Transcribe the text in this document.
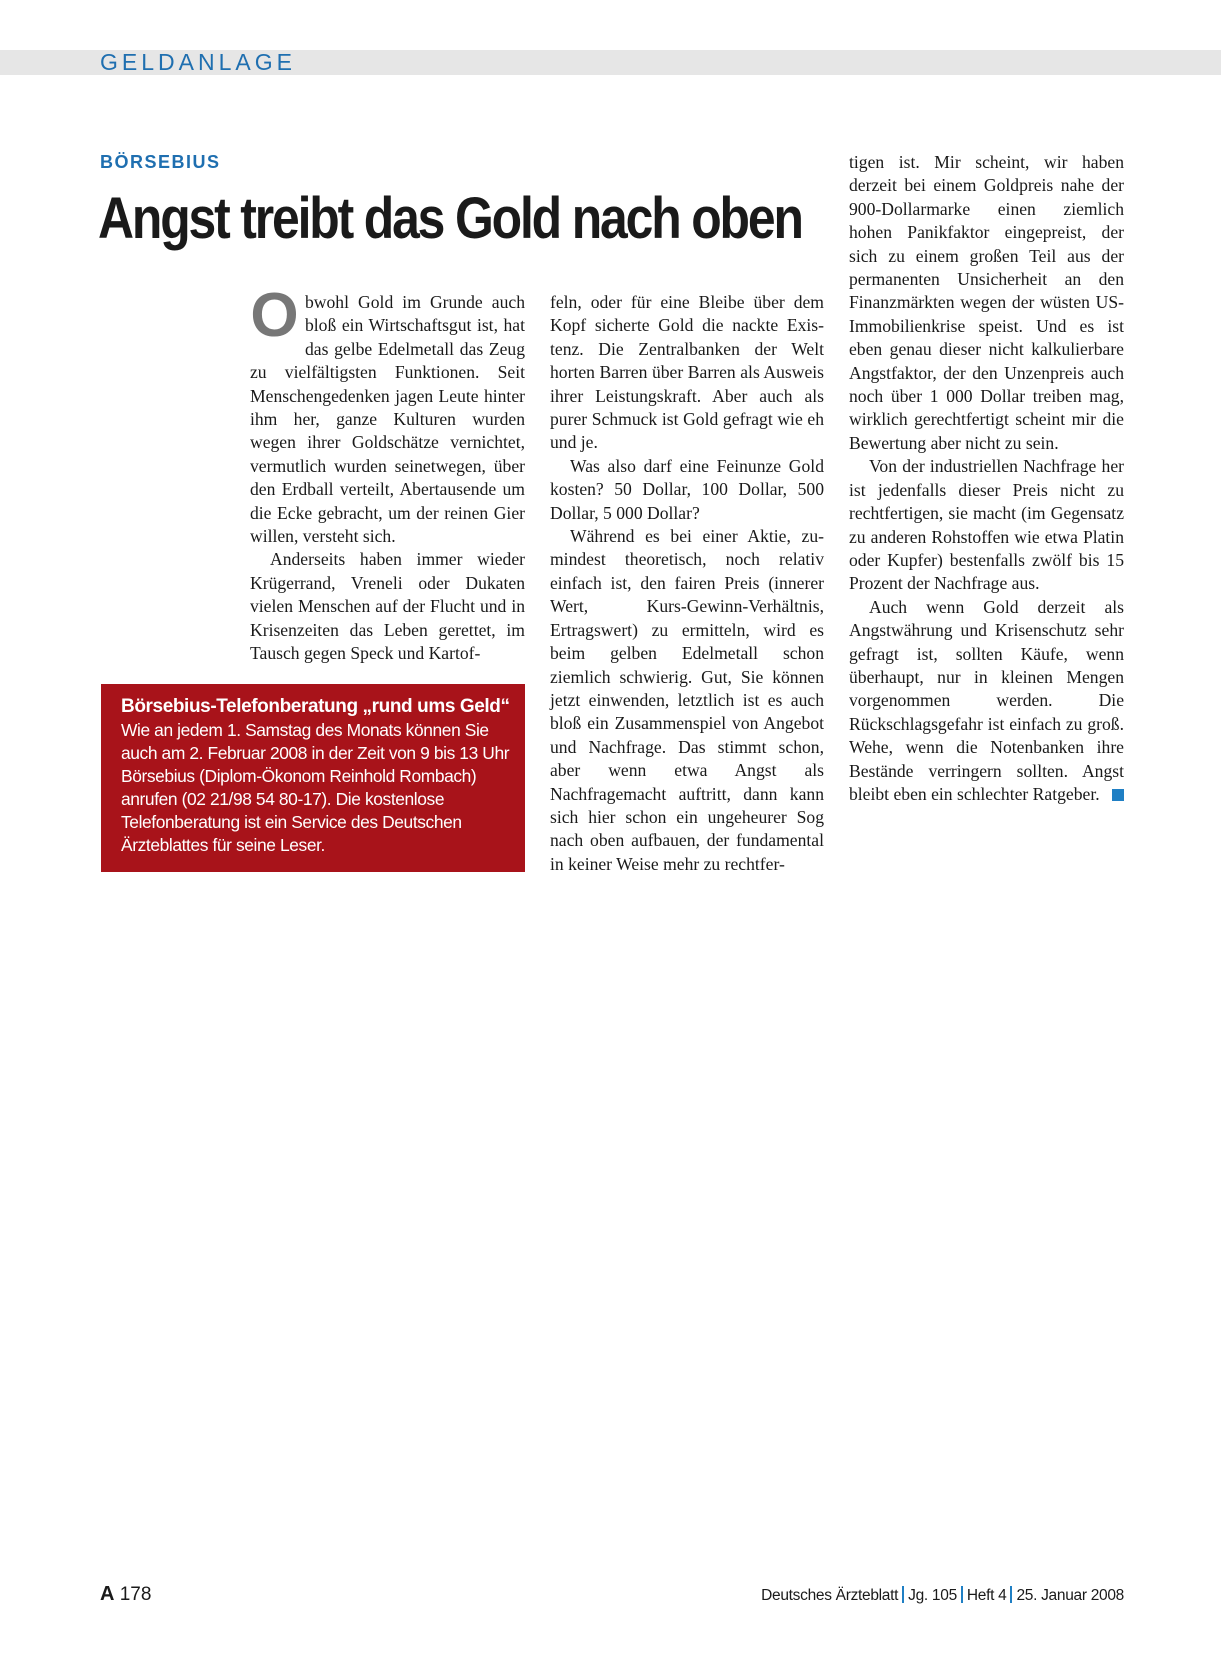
GELDANLAGE
BÖRSEBIUS
Angst treibt das Gold nach oben

Obwohl Gold im Grunde auch bloß ein Wirtschaftsgut ist, hat das gelbe Edelmetall das Zeug zu vielfältigsten Funktionen. Seit Menschengedenken jagen Leute hinter ihm her, ganze Kulturen wurden wegen ihrer Goldschätze vernichtet, vermutlich wurden seinetwegen, über den Erdball verteilt, Abertausende um die Ecke gebracht, um der reinen Gier willen, versteht sich.

Anderseits haben immer wieder Krügerrand, Vreneli oder Dukaten vielen Menschen auf der Flucht und in Krisenzeiten das Leben gerettet, im Tausch gegen Speck und Kartof-

feln, oder für eine Bleibe über dem Kopf sicherte Gold die nackte Existenz. Die Zentralbanken der Welt horten Barren über Barren als Ausweis ihrer Leistungskraft. Aber auch als purer Schmuck ist Gold gefragt wie eh und je.

Was also darf eine Feinunze Gold kosten? 50 Dollar, 100 Dollar, 500 Dollar, 5 000 Dollar?

Während es bei einer Aktie, zumindest theoretisch, noch relativ einfach ist, den fairen Preis (innerer Wert, Kurs-Gewinn-Verhältnis, Ertragswert) zu ermitteln, wird es beim gelben Edelmetall schon ziemlich schwierig. Gut, Sie können jetzt einwenden, letztlich ist es auch bloß ein Zusammenspiel von Angebot und Nachfrage. Das stimmt schon, aber wenn etwa Angst als Nachfragemacht auftritt, dann kann sich hier schon ein ungeheurer Sog nach oben aufbauen, der fundamental in keiner Weise mehr zu rechtfer-

tigen ist. Mir scheint, wir haben derzeit bei einem Goldpreis nahe der 900-Dollarmarke einen ziemlich hohen Panikfaktor eingepreist, der sich zu einem großen Teil aus der permanenten Unsicherheit an den Finanzmärkten wegen der wüsten US-Immobilienkrise speist. Und es ist eben genau dieser nicht kalkulierbare Angstfaktor, der den Unzenpreis auch noch über 1 000 Dollar treiben mag, wirklich gerechtfertigt scheint mir die Bewertung aber nicht zu sein.

Von der industriellen Nachfrage her ist jedenfalls dieser Preis nicht zu rechtfertigen, sie macht (im Gegensatz zu anderen Rohstoffen wie etwa Platin oder Kupfer) bestenfalls zwölf bis 15 Prozent der Nachfrage aus.

Auch wenn Gold derzeit als Angstwährung und Krisenschutz sehr gefragt ist, sollten Käufe, wenn überhaupt, nur in kleinen Mengen vorgenommen werden. Die Rückschlagsgefahr ist einfach zu groß. Wehe, wenn die Notenbanken ihre Bestände verringern sollten. Angst bleibt eben ein schlechter Ratgeber.

Börsebius-Telefonberatung „rund ums Geld“
Wie an jedem 1. Samstag des Monats können Sie auch am 2. Februar 2008 in der Zeit von 9 bis 13 Uhr Börsebius (Diplom-Ökonom Reinhold Rombach) anrufen (02 21/98 54 80-17). Die kostenlose Telefonberatung ist ein Service des Deutschen Ärzteblattes für seine Leser.
A 178	Deutsches Ärzteblatt Jg. 105 Heft 4 25. Januar 2008
